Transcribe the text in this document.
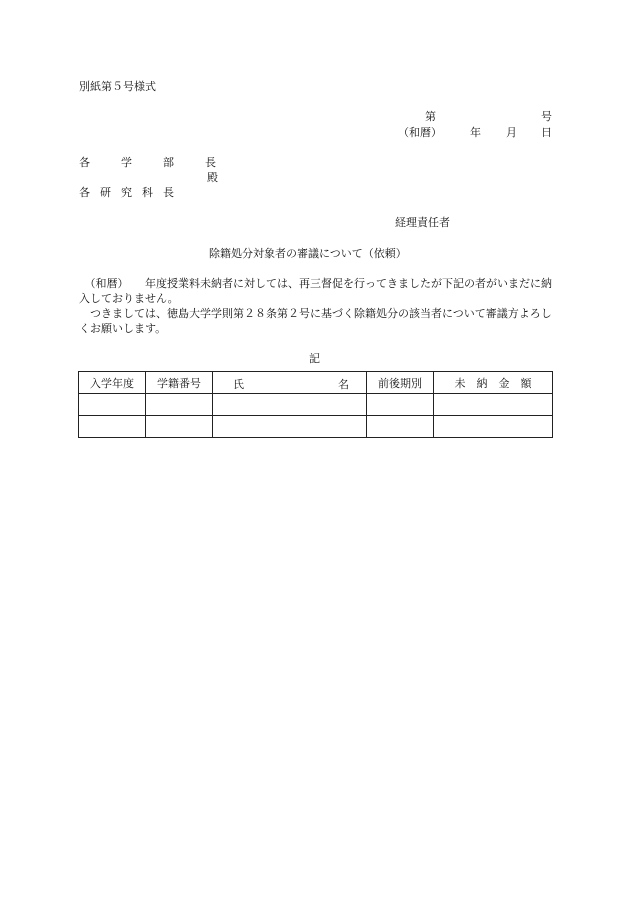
別紙第５号様式
第	号
（和暦）	年 月 日
各　学　部　長
殿
各研究科長
経理責任者
除籍処分対象者の審議について（依頼）
　（和暦）　　年度授業料未納者に対しては、再三督促を行ってきましたが下記の者がいまだに納入しておりません。
　つきましては、徳島大学学則第２８条第２号に基づく除籍処分の該当者について審議方よろしくお願いします。
記
入学年度	学籍番号	氏 名	前後期別	未　納　金　額
